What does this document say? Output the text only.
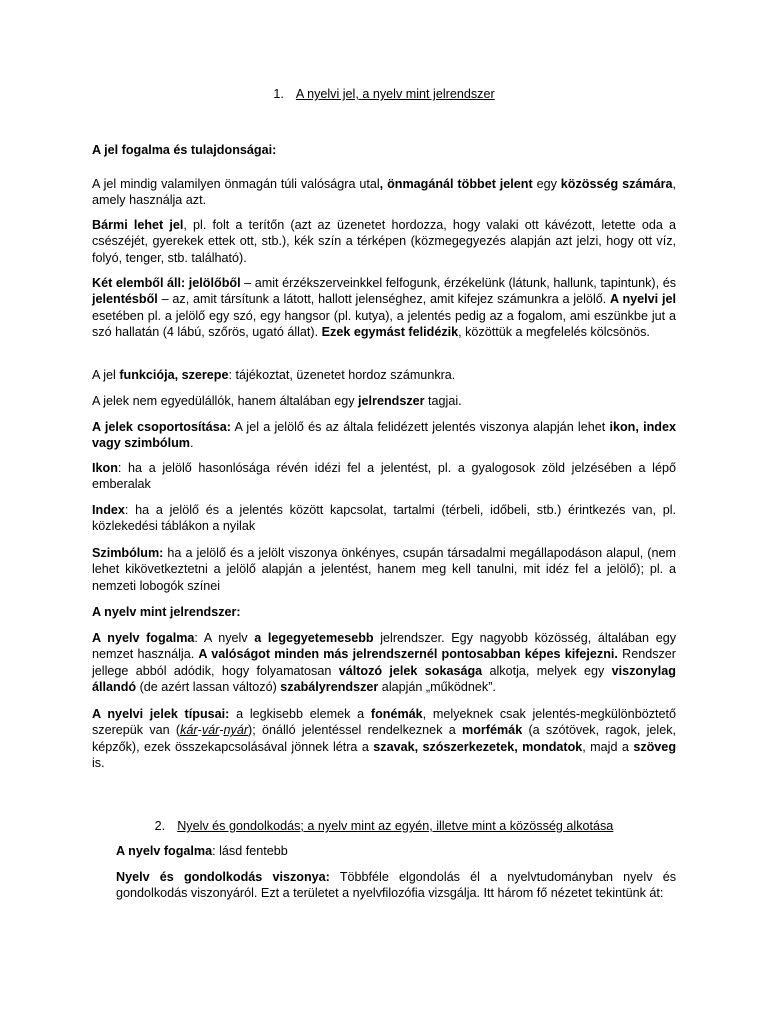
1. A nyelvi jel, a nyelv mint jelrendszer
A jel fogalma és tulajdonságai:

A jel mindig valamilyen önmagán túli valóságra utal, önmagánál többet jelent egy közösség számára, amely használja azt.

Bármi lehet jel, pl. folt a terítőn (azt az üzenetet hordozza, hogy valaki ott kávézott, letette oda a csészéjét, gyerekek ettek ott, stb.), kék szín a térképen (közmegegyezés alapján azt jelzi, hogy ott víz, folyó, tenger, stb. található).

Két elemből áll: jelölőből – amit érzékszerveinkkel felfogunk, érzékelünk (látunk, hallunk, tapintunk), és jelentésből – az, amit társítunk a látott, hallott jelenséghez, amit kifejez számunkra a jelölő. A nyelvi jel esetében pl. a jelölő egy szó, egy hangsor (pl. kutya), a jelentés pedig az a fogalom, ami eszünkbe jut a szó hallatán (4 lábú, szőrös, ugató állat). Ezek egymást felidézik, közöttük a megfelelés kölcsönös.

A jel funkciója, szerepe: tájékoztat, üzenetet hordoz számunkra.

A jelek nem egyedülállók, hanem általában egy jelrendszer tagjai.

A jelek csoportosítása: A jel a jelölő és az általa felidézett jelentés viszonya alapján lehet ikon, index vagy szimbólum.

Ikon: ha a jelölő hasonlósága révén idézi fel a jelentést, pl. a gyalogosok zöld jelzésében a lépő emberalak

Index: ha a jelölő és a jelentés között kapcsolat, tartalmi (térbeli, időbeli, stb.) érintkezés van, pl. közlekedési táblákon a nyilak

Szimbólum: ha a jelölő és a jelölt viszonya önkényes, csupán társadalmi megállapodáson alapul, (nem lehet kikövetkeztetni a jelölő alapján a jelentést, hanem meg kell tanulni, mit idéz fel a jelölő); pl. a nemzeti lobogók színei

A nyelv mint jelrendszer:

A nyelv fogalma: A nyelv a legegyetemesebb jelrendszer. Egy nagyobb közösség, általában egy nemzet használja. A valóságot minden más jelrendszernél pontosabban képes kifejezni. Rendszer jellege abból adódik, hogy folyamatosan változó jelek sokasága alkotja, melyek egy viszonylag állandó (de azért lassan változó) szabályrendszer alapján „működnek”.

A nyelvi jelek típusai: a legkisebb elemek a fonémák, melyeknek csak jelentés-megkülönböztető szerepük van (kár-vár-nyár); önálló jelentéssel rendelkeznek a morfémák (a szótövek, ragok, jelek, képzők), ezek összekapcsolásával jönnek létra a szavak, szószerkezetek, mondatok, majd a szöveg is.

2. Nyelv és gondolkodás; a nyelv mint az egyén, illetve mint a közösség alkotása

A nyelv fogalma: lásd fentebb

Nyelv és gondolkodás viszonya: Többféle elgondolás él a nyelvtudományban nyelv és gondolkodás viszonyáról. Ezt a területet a nyelvfilozófia vizsgálja. Itt három fő nézetet tekintünk át:
